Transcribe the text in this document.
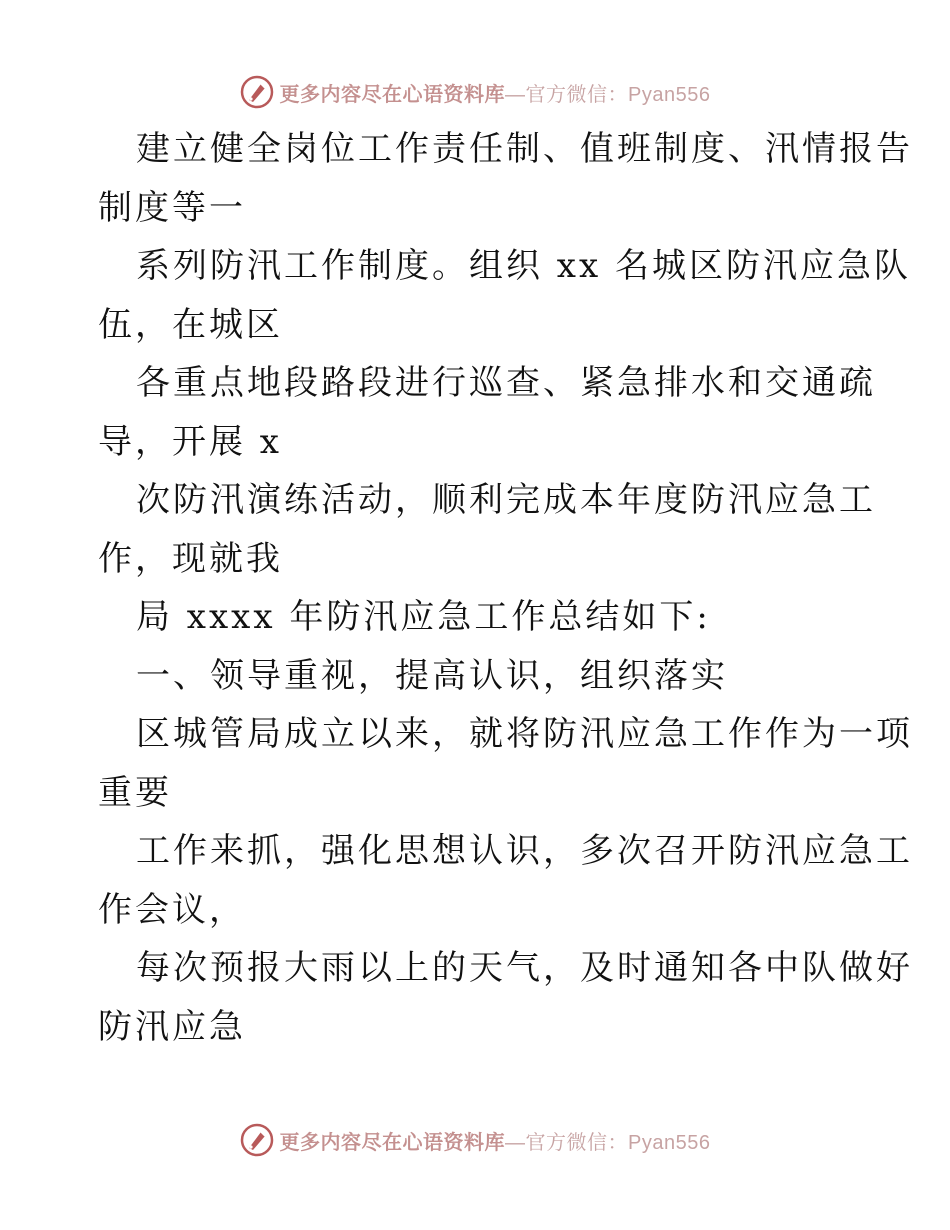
更多内容尽在心语资料库—官方微信：Pyan556
建立健全岗位工作责任制、值班制度、汛情报告
制度等一
系列防汛工作制度。组织 xx 名城区防汛应急队
伍，在城区
各重点地段路段进行巡查、紧急排水和交通疏
导，开展 x
次防汛演练活动，顺利完成本年度防汛应急工
作，现就我
局 xxxx 年防汛应急工作总结如下:
一、领导重视，提高认识，组织落实
区城管局成立以来，就将防汛应急工作作为一项
重要
工作来抓，强化思想认识，多次召开防汛应急工
作会议，
每次预报大雨以上的天气，及时通知各中队做好
防汛应急
更多内容尽在心语资料库—官方微信：Pyan556
